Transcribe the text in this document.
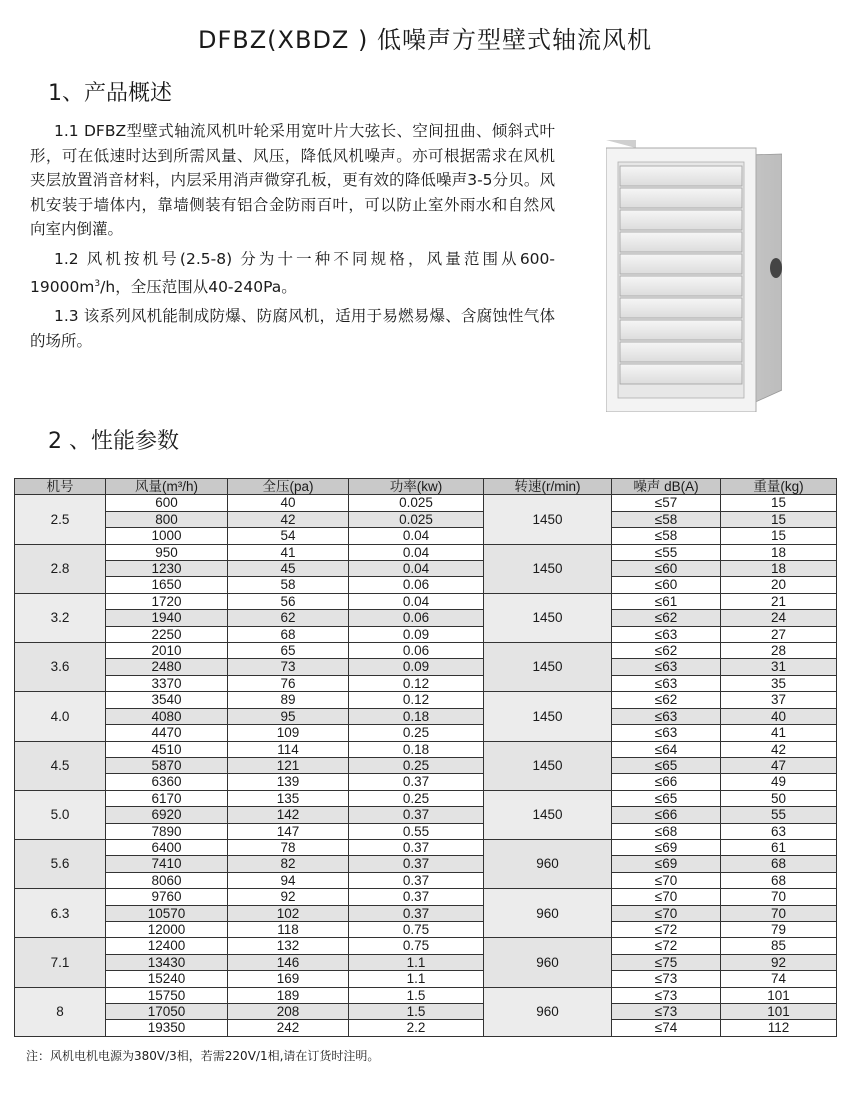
DFBZ(XBDZ ) 低噪声方型壁式轴流风机
1、产品概述

1.1 DFBZ型壁式轴流风机叶轮采用宽叶片大弦长、空间扭曲、倾斜式叶形，可在低速时达到所需风量、风压，降低风机噪声。亦可根据需求在风机夹层放置消音材料，内层采用消声微穿孔板，更有效的降低噪声3-5分贝。风机安装于墙体内，靠墙侧装有铝合金防雨百叶，可以防止室外雨水和自然风向室内倒灌。

1.2 风机按机号(2.5-8) 分为十一种不同规格，风量范围从$600-19000m^3/h$，全压范围从40-240Pa。

1.3 该系列风机能制成防爆、防腐风机，适用于易燃易爆、含腐蚀性气体的场所。

2 、性能参数
机号	风量(m³/h)	全压(pa)	功率(kw)	转速(r/min)	噪声 dB(A)	重量(kg)
2.5	600	40	0.025	1450	≤57	15
	800	42	0.025		≤58	15
	1000	54	0.04		≤58	15
2.8	950	41	0.04	1450	≤55	18
	1230	45	0.04		≤60	18
	1650	58	0.06		≤60	20
3.2	1720	56	0.04	1450	≤61	21
	1940	62	0.06		≤62	24
	2250	68	0.09		≤63	27
3.6	2010	65	0.06	1450	≤62	28
	2480	73	0.09		≤63	31
	3370	76	0.12		≤63	35
4.0	3540	89	0.12	1450	≤62	37
	4080	95	0.18		≤63	40
	4470	109	0.25		≤63	41
4.5	4510	114	0.18	1450	≤64	42
	5870	121	0.25		≤65	47
	6360	139	0.37		≤66	49
5.0	6170	135	0.25	1450	≤65	50
	6920	142	0.37		≤66	55
	7890	147	0.55		≤68	63
5.6	6400	78	0.37	960	≤69	61
	7410	82	0.37		≤69	68
	8060	94	0.37		≤70	68
6.3	9760	92	0.37	960	≤70	70
	10570	102	0.37		≤70	70
	12000	118	0.75		≤72	79
7.1	12400	132	0.75	960	≤72	85
	13430	146	1.1		≤75	92
	15240	169	1.1		≤73	74
8	15750	189	1.5	960	≤73	101
	17050	208	1.5		≤73	101
	19350	242	2.2		≤74	112
注：风机电机电源为380V/3相，若需220V/1相,请在订货时注明。
